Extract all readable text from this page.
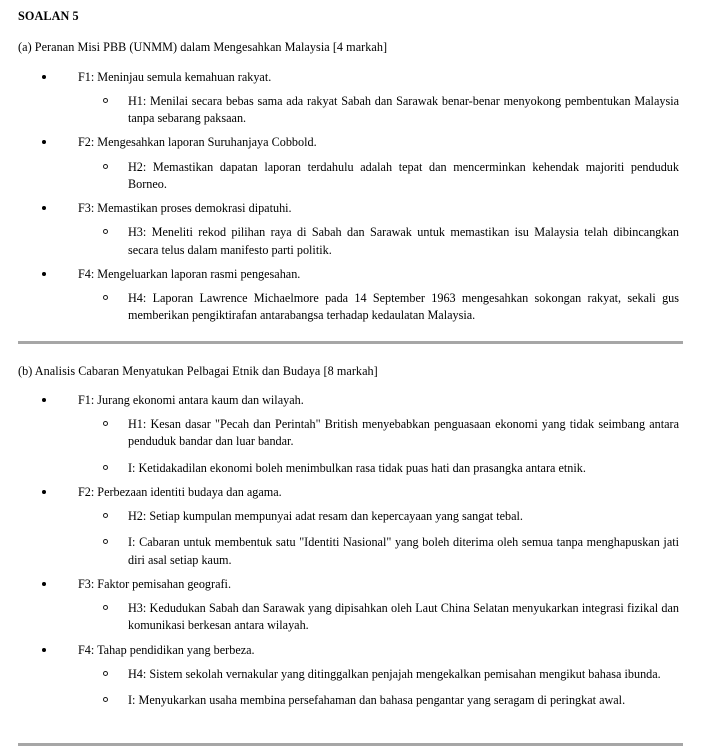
SOALAN 5

(a) Peranan Misi PBB (UNMM) dalam Mengesahkan Malaysia [4 markah]

F1: Meninjau semula kemahuan rakyat.
H1: Menilai secara bebas sama ada rakyat Sabah dan Sarawak benar-benar menyokong pembentukan Malaysia tanpa sebarang paksaan.
F2: Mengesahkan laporan Suruhanjaya Cobbold.
H2: Memastikan dapatan laporan terdahulu adalah tepat dan mencerminkan kehendak majoriti penduduk Borneo.
F3: Memastikan proses demokrasi dipatuhi.
H3: Meneliti rekod pilihan raya di Sabah dan Sarawak untuk memastikan isu Malaysia telah dibincangkan secara telus dalam manifesto parti politik.
F4: Mengeluarkan laporan rasmi pengesahan.
H4: Laporan Lawrence Michaelmore pada 14 September 1963 mengesahkan sokongan rakyat, sekali gus memberikan pengiktirafan antarabangsa terhadap kedaulatan Malaysia.

(b) Analisis Cabaran Menyatukan Pelbagai Etnik dan Budaya [8 markah]

F1: Jurang ekonomi antara kaum dan wilayah.
H1: Kesan dasar "Pecah dan Perintah" British menyebabkan penguasaan ekonomi yang tidak seimbang antara penduduk bandar dan luar bandar.
I: Ketidakadilan ekonomi boleh menimbulkan rasa tidak puas hati dan prasangka antara etnik.
F2: Perbezaan identiti budaya dan agama.
H2: Setiap kumpulan mempunyai adat resam dan kepercayaan yang sangat tebal.
I: Cabaran untuk membentuk satu "Identiti Nasional" yang boleh diterima oleh semua tanpa menghapuskan jati diri asal setiap kaum.
F3: Faktor pemisahan geografi.
H3: Kedudukan Sabah dan Sarawak yang dipisahkan oleh Laut China Selatan menyukarkan integrasi fizikal dan komunikasi berkesan antara wilayah.
F4: Tahap pendidikan yang berbeza.
H4: Sistem sekolah vernakular yang ditinggalkan penjajah mengekalkan pemisahan mengikut bahasa ibunda.
I: Menyukarkan usaha membina persefahaman dan bahasa pengantar yang seragam di peringkat awal.
